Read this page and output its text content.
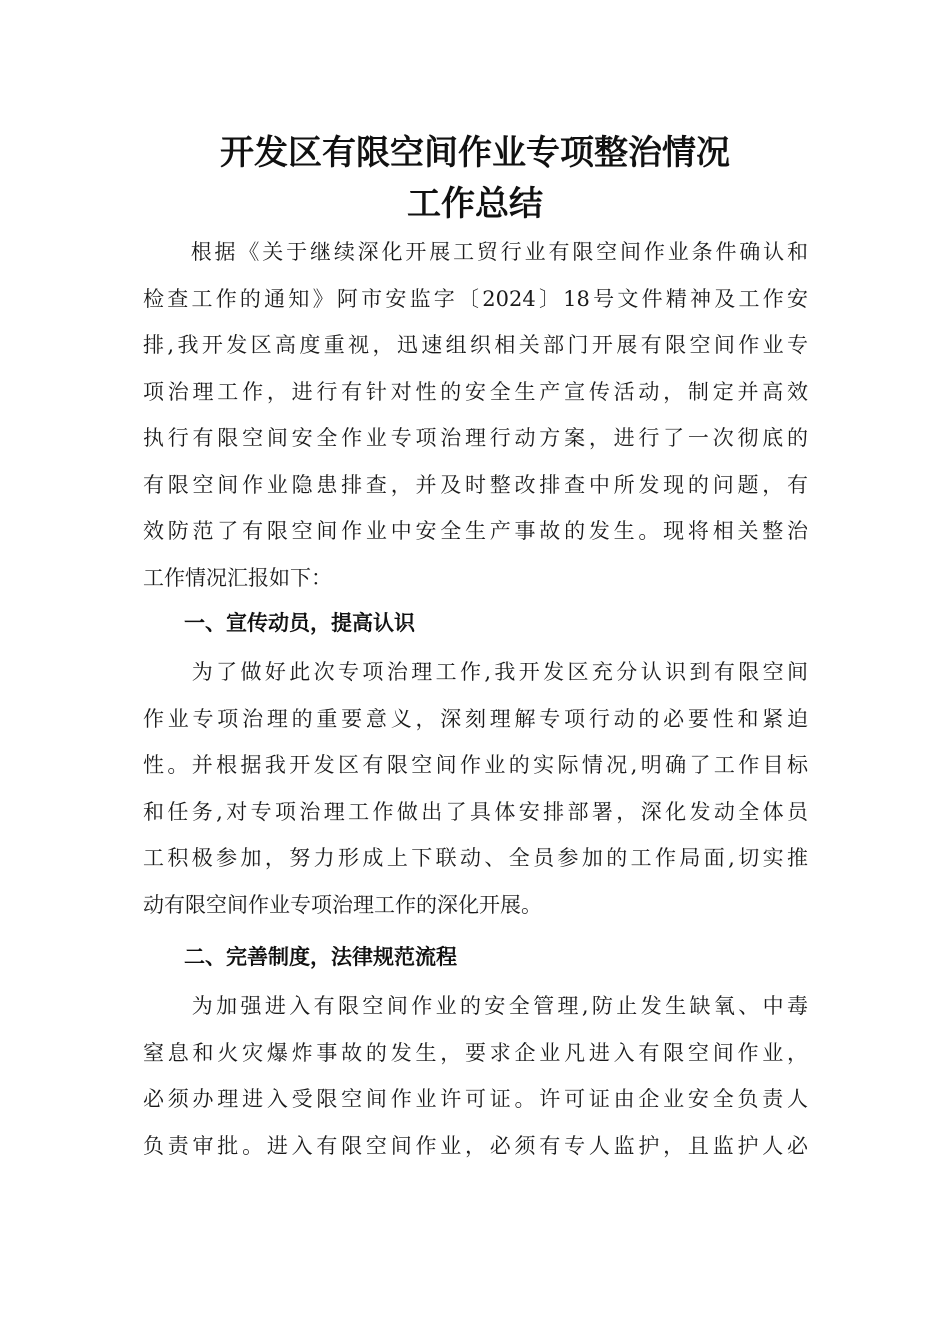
开发区有限空间作业专项整治情况
工作总结
　　根据《关于继续深化开展工贸行业有限空间作业条件确认和
检查工作的通知》阿市安监字〔2024〕18号文件精神及工作安
排,我开发区高度重视，迅速组织相关部门开展有限空间作业专
项治理工作，进行有针对性的安全生产宣传活动，制定并高效
执行有限空间安全作业专项治理行动方案，进行了一次彻底的
有限空间作业隐患排查，并及时整改排查中所发现的问题，有
效防范了有限空间作业中安全生产事故的发生。现将相关整治
工作情况汇报如下：
一、宣传动员，提高认识
　　为了做好此次专项治理工作,我开发区充分认识到有限空间
作业专项治理的重要意义，深刻理解专项行动的必要性和紧迫
性。并根据我开发区有限空间作业的实际情况,明确了工作目标
和任务,对专项治理工作做出了具体安排部署，深化发动全体员
工积极参加，努力形成上下联动、全员参加的工作局面,切实推
动有限空间作业专项治理工作的深化开展。
二、完善制度，法律规范流程
　　为加强进入有限空间作业的安全管理,防止发生缺氧、中毒
窒息和火灾爆炸事故的发生，要求企业凡进入有限空间作业，
必须办理进入受限空间作业许可证。许可证由企业安全负责人
负责审批。进入有限空间作业，必须有专人监护，且监护人必
